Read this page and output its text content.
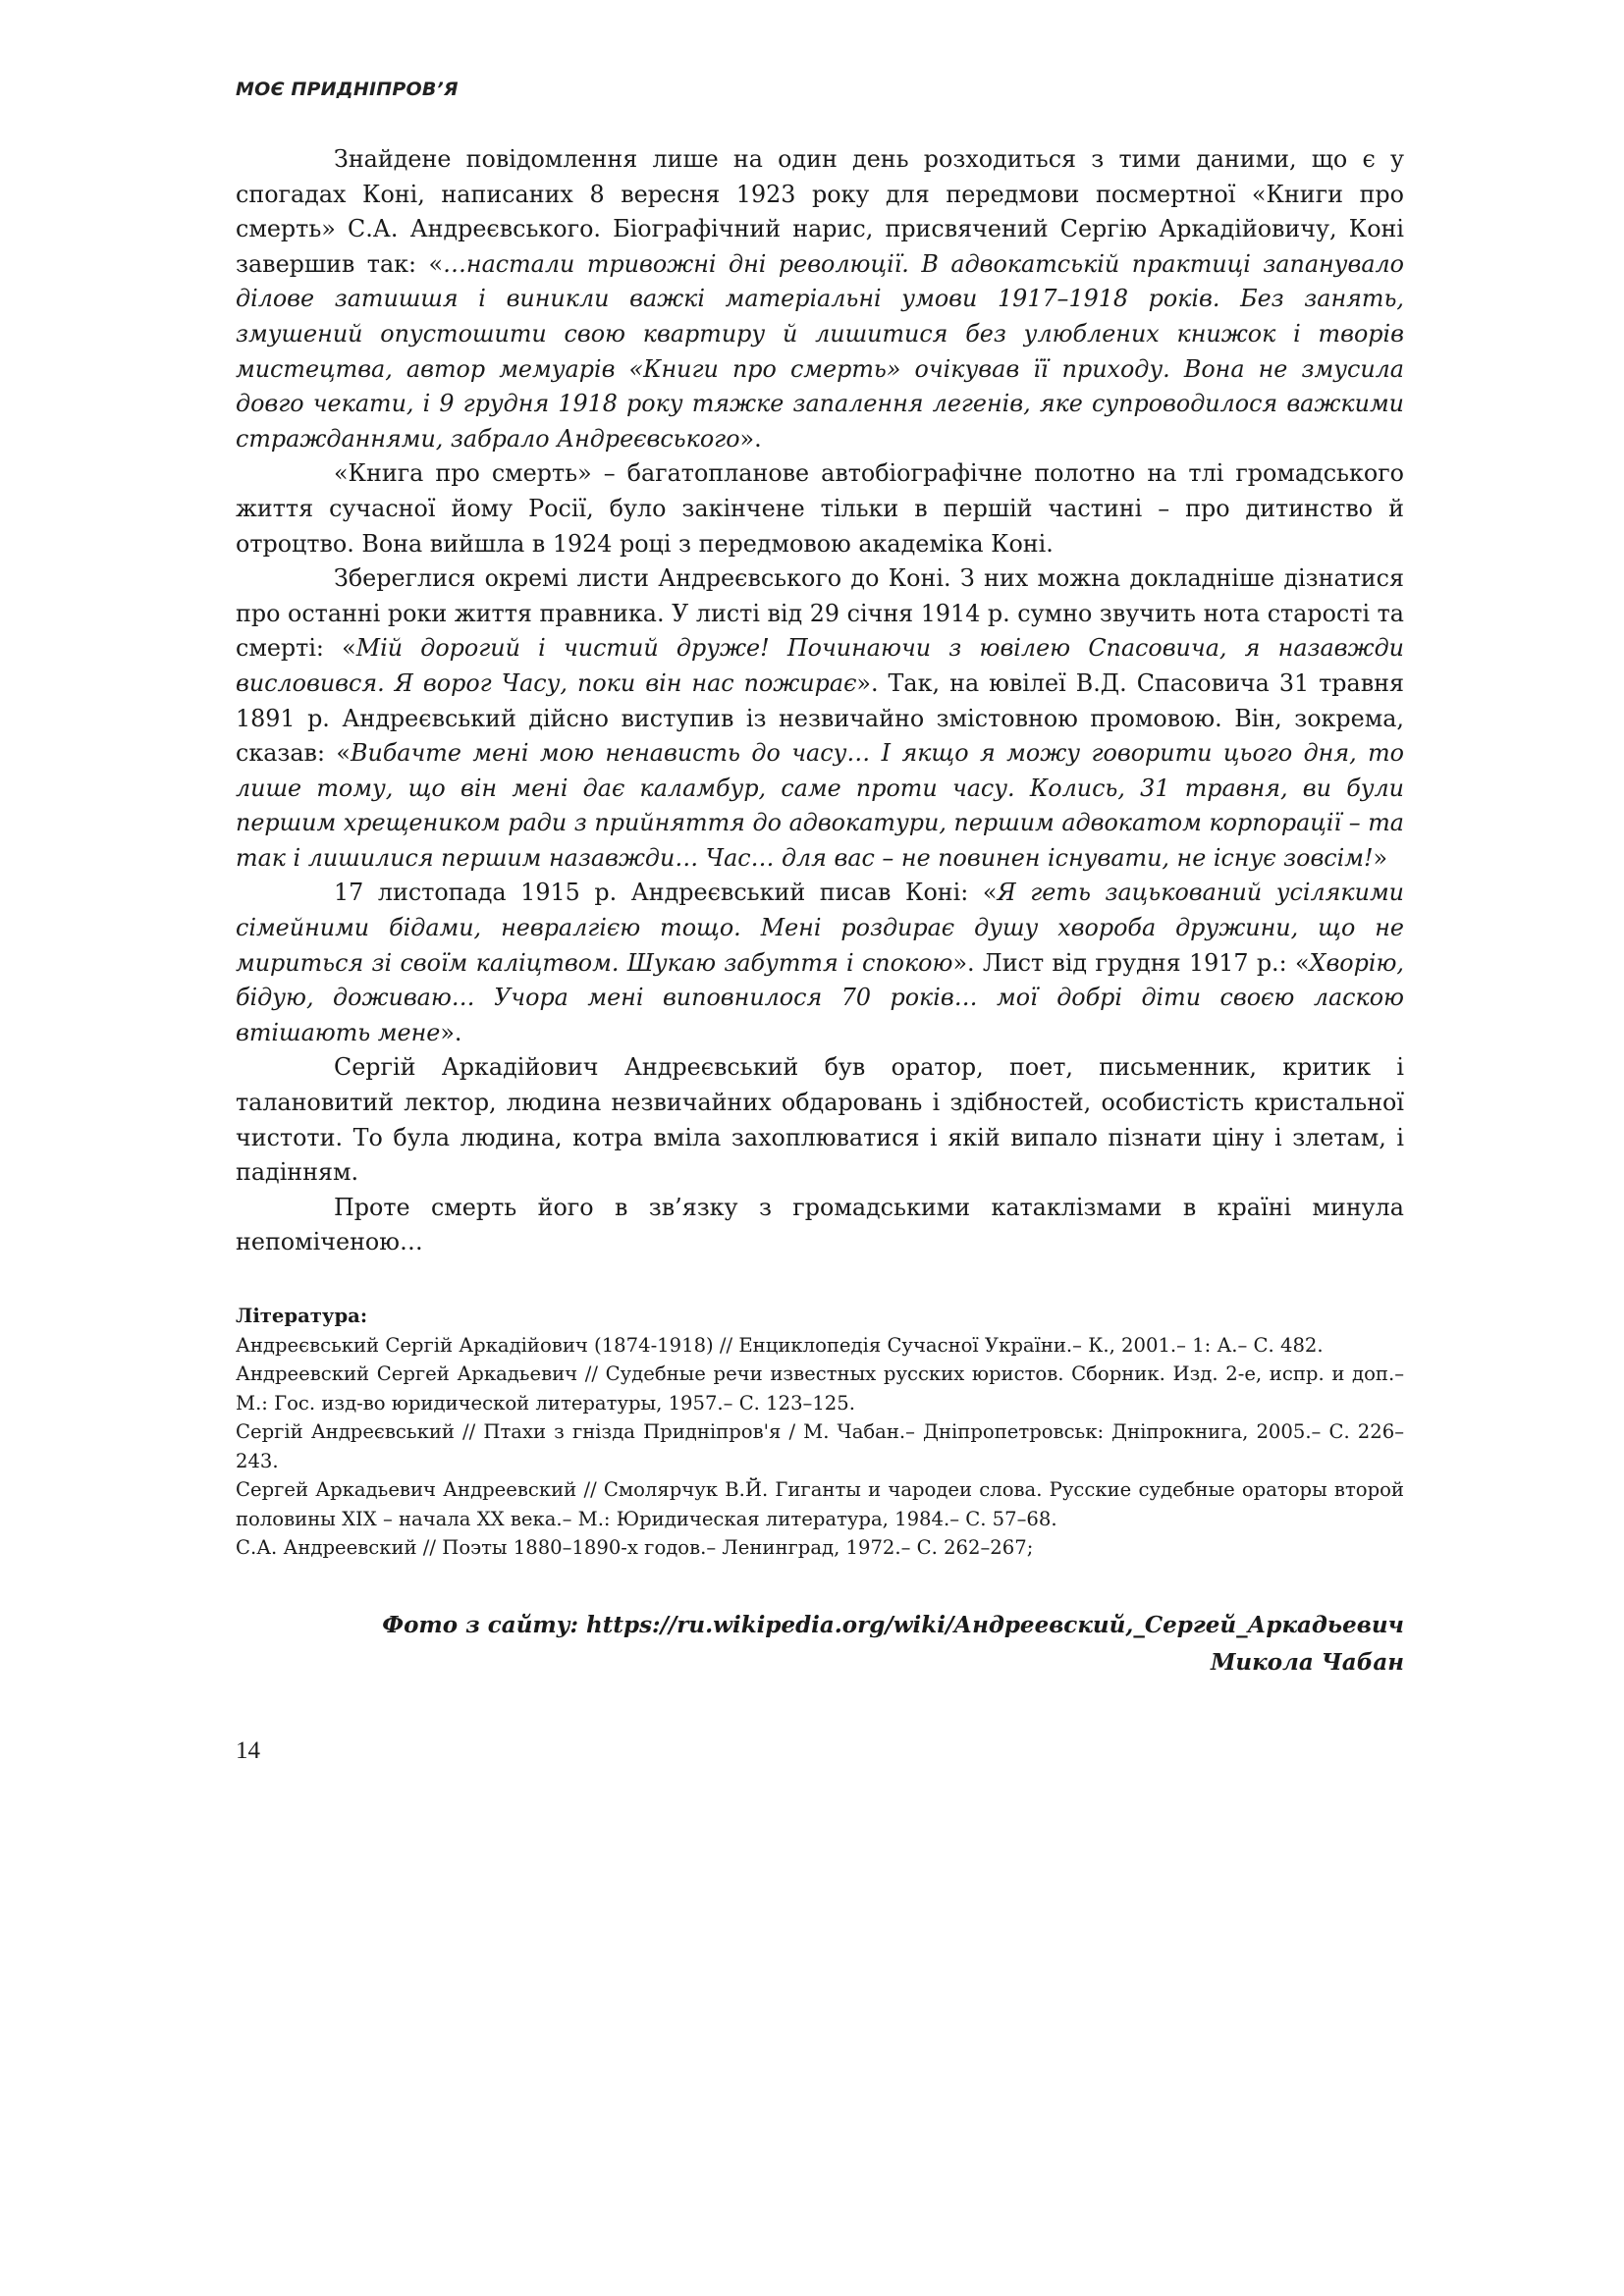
МОЄ ПРИДНІПРОВ’Я

Знайдене повідомлення лише на один день розходиться з тими даними, що є у спогадах Коні, написаних 8 вересня 1923 року для передмови посмертної «Книги про смерть» С.А. Андреєвського. Біографічний нарис, присвячений Сергію Аркадійовичу, Коні завершив так: «…настали тривожні дні революції. В адвокатській практиці запанувало ділове затишшя і виникли важкі матеріальні умови 1917–1918 років. Без занять, змушений опустошити свою квартиру й лишитися без улюблених книжок і творів мистецтва, автор мемуарів «Книги про смерть» очікував її приходу. Вона не змусила довго чекати, і 9 грудня 1918 року тяжке запалення легенів, яке супроводилося важкими стражданнями, забрало Андреєвського».

«Книга про смерть» – багатопланове автобіографічне полотно на тлі громадського життя сучасної йому Росії, було закінчене тільки в першій частині – про дитинство й отроцтво. Вона вийшла в 1924 році з передмовою академіка Коні.

Збереглися окремі листи Андреєвського до Коні. З них можна докладніше дізнатися про останні роки життя правника. У листі від 29 січня 1914 р. сумно звучить нота старості та смерті: «Мій дорогий і чистий друже! Починаючи з ювілею Спасовича, я назавжди висловився. Я ворог Часу, поки він нас пожирає». Так, на ювілеї В.Д. Спасовича 31 травня 1891 р. Андреєвський дійсно виступив із незвичайно змістовною промовою. Він, зокрема, сказав: «Вибачте мені мою ненависть до часу… І якщо я можу говорити цього дня, то лише тому, що він мені дає каламбур, саме проти часу. Колись, 31 травня, ви були першим хрещеником ради з прийняття до адвокатури, першим адвокатом корпорації – та так і лишилися першим назавжди… Час… для вас – не повинен існувати, не існує зовсім!»

17 листопада 1915 р. Андреєвський писав Коні: «Я геть зацькований усілякими сімейними бідами, невралгією тощо. Мені роздирає душу хвороба дружини, що не мириться зі своїм каліцтвом. Шукаю забуття і спокою». Лист від грудня 1917 р.: «Хворію, бідую, доживаю… Учора мені виповнилося 70 років… мої добрі діти своєю ласкою втішають мене».

Сергій Аркадійович Андреєвський був оратор, поет, письменник, критик і талановитий лектор, людина незвичайних обдаровань і здібностей, особистість кристальної чистоти. То була людина, котра вміла захоплюватися і якій випало пізнати ціну і злетам, і падінням.

Проте смерть його в зв’язку з громадськими катаклізмами в країні минула непоміченою…

Література:

Андреєвський Сергій Аркадійович (1874-1918) // Енциклопедія Сучасної України.– К., 2001.– 1: А.– С. 482.

Андреевский Сергей Аркадьевич // Судебные речи известных русских юристов. Сборник. Изд. 2-е, испр. и доп.– М.: Гос. изд-во юридической литературы, 1957.– С. 123–125.

Сергій Андреєвський // Птахи з гнізда Придніпров'я / М. Чабан.– Дніпропетровськ: Дніпрокнига, 2005.– С. 226–243.

Сергей Аркадьевич Андреевский // Смолярчук В.Й. Гиганты и чародеи слова. Русские судебные ораторы второй половины XIX – начала XX века.– М.: Юридическая литература, 1984.– С. 57–68.

С.А. Андреевский // Поэты 1880–1890-х годов.– Ленинград, 1972.– С. 262–267;

Фото з сайту: https://ru.wikipedia.org/wiki/Андреевский,_Сергей_Аркадьевич
Микола Чабан
14
